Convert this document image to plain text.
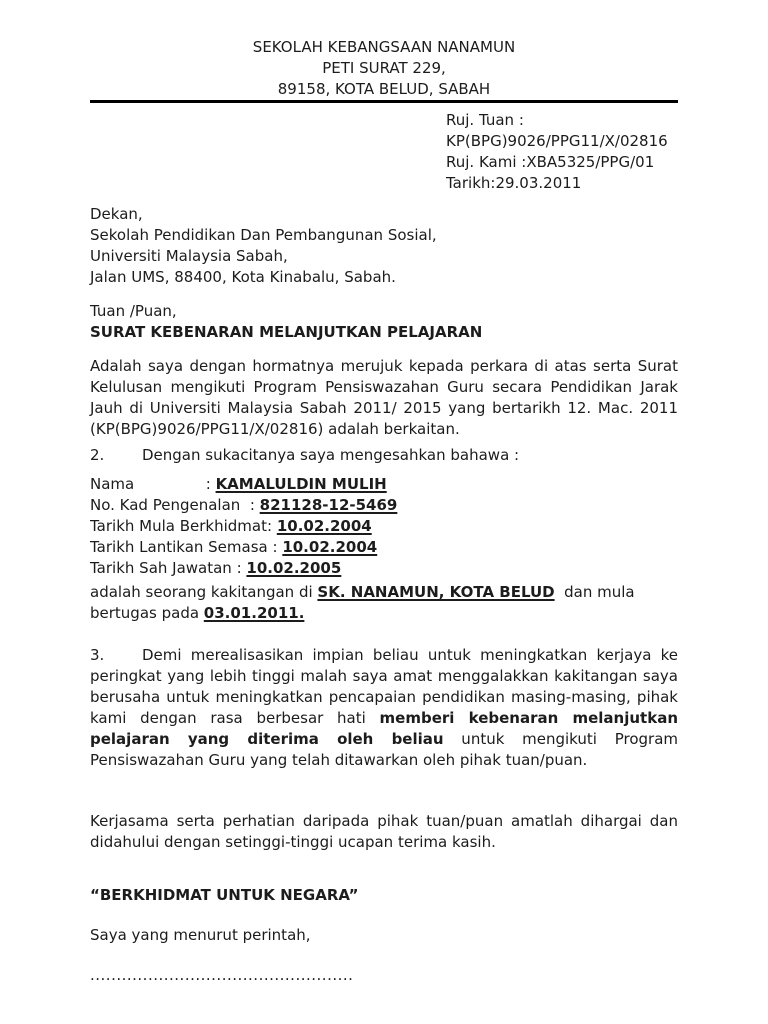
SEKOLAH KEBANGSAAN NANAMUN
PETI SURAT 229,
89158, KOTA BELUD, SABAH
Ruj. Tuan :
KP(BPG)9026/PPG11/X/02816
Ruj. Kami :XBA5325/PPG/01
Tarikh:29.03.2011
Dekan,
Sekolah Pendidikan Dan Pembangunan Sosial,
Universiti Malaysia Sabah,
Jalan UMS, 88400, Kota Kinabalu, Sabah.

Tuan /Puan,

SURAT KEBENARAN MELANJUTKAN PELAJARAN

Adalah saya dengan hormatnya merujuk kepada perkara di atas serta Surat Kelulusan mengikuti Program Pensiswazahan Guru secara Pendidikan Jarak Jauh di Universiti Malaysia Sabah 2011/ 2015 yang bertarikh 12. Mac. 2011 (KP(BPG)9026/PPG11/X/02816) adalah berkaitan.

2.	Dengan sukacitanya saya mengesahkan bahawa :

Nama               : KAMALULDIN MULIH
No. Kad Pengenalan  : 821128-12-5469
Tarikh Mula Berkhidmat: 10.02.2004
Tarikh Lantikan Semasa : 10.02.2004
Tarikh Sah Jawatan : 10.02.2005

adalah seorang kakitangan di SK. NANAMUN, KOTA BELUD  dan mula bertugas pada 03.01.2011.

3.	Demi merealisasikan impian beliau untuk meningkatkan kerjaya ke peringkat yang lebih tinggi malah saya amat menggalakkan kakitangan saya berusaha untuk meningkatkan pencapaian pendidikan masing-masing, pihak kami dengan rasa berbesar hati memberi kebenaran melanjutkan pelajaran yang diterima oleh beliau untuk mengikuti Program Pensiswazahan Guru yang telah ditawarkan oleh pihak tuan/puan.

Kerjasama serta perhatian daripada pihak tuan/puan amatlah dihargai dan didahului dengan setinggi-tinggi ucapan terima kasih.

“BERKHIDMAT UNTUK NEGARA”

Saya yang menurut perintah,

..................................................
